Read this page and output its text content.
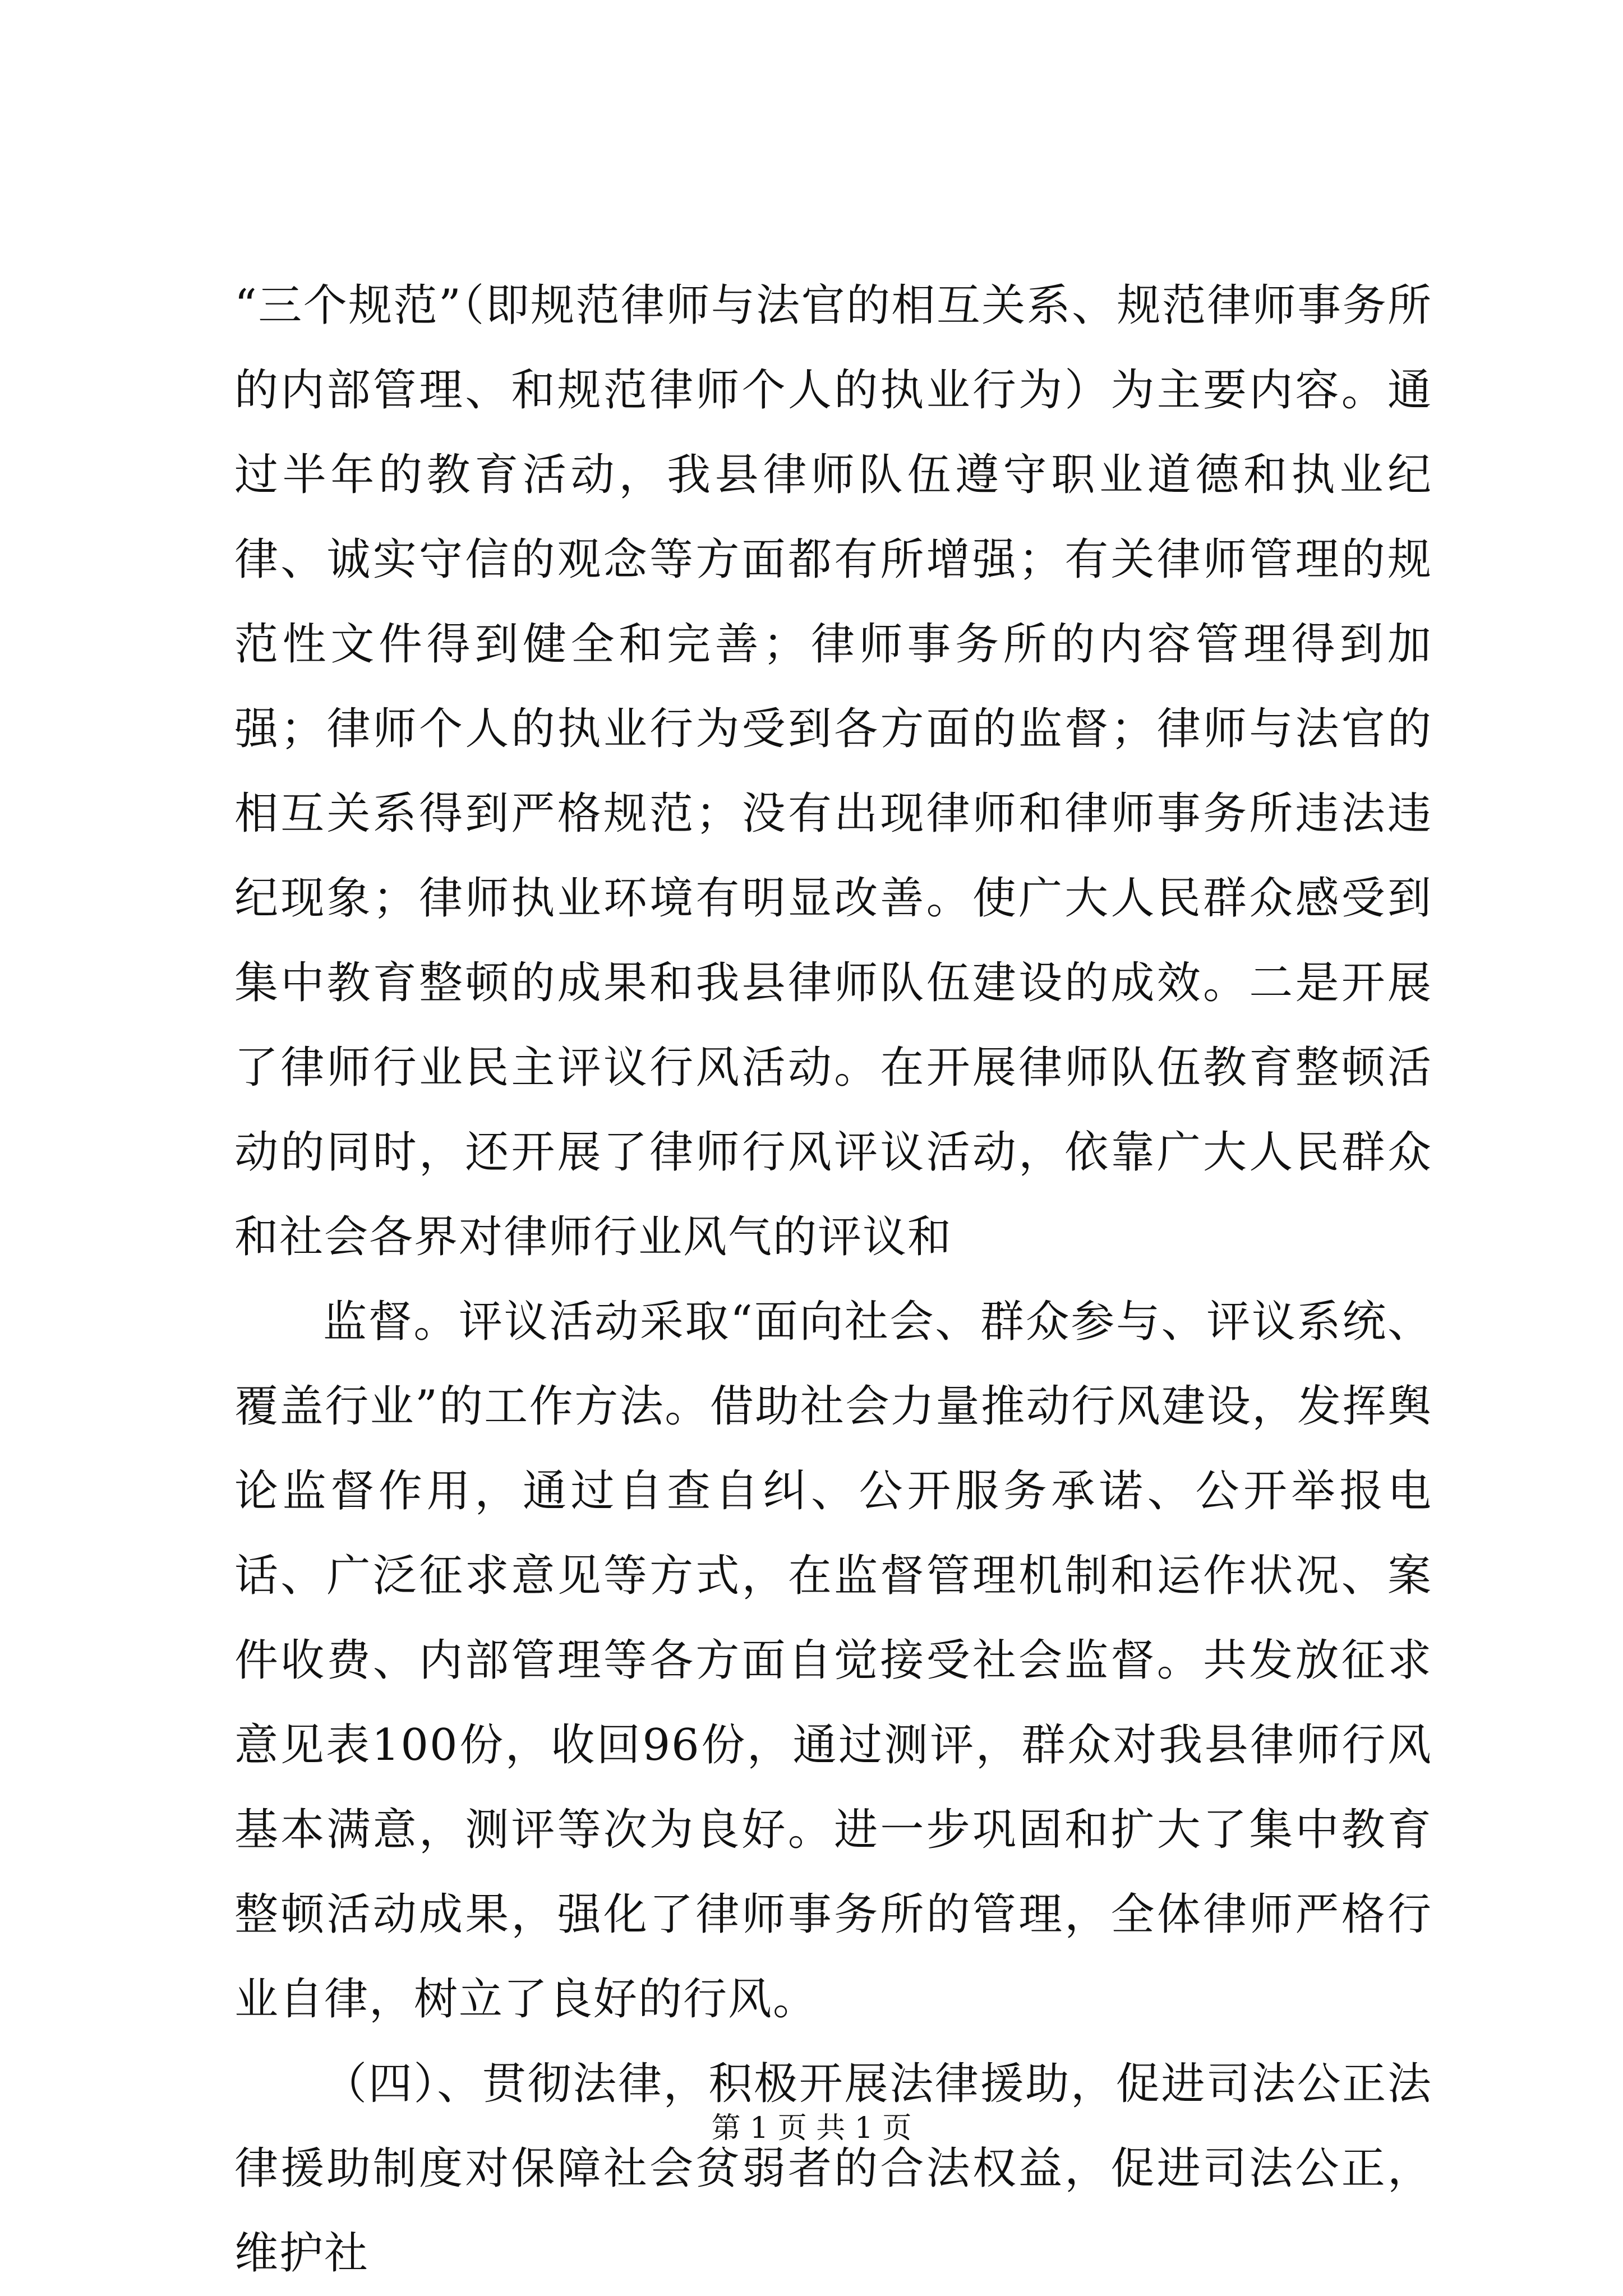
“三个规范”（即规范律师与法官的相互关系、规范律师事务所的内部管理、和规范律师个人的执业行为）为主要内容。通过半年的教育活动，我县律师队伍遵守职业道德和执业纪律、诚实守信的观念等方面都有所增强；有关律师管理的规范性文件得到健全和完善；律师事务所的内容管理得到加强；律师个人的执业行为受到各方面的监督；律师与法官的相互关系得到严格规范；没有出现律师和律师事务所违法违纪现象；律师执业环境有明显改善。使广大人民群众感受到集中教育整顿的成果和我县律师队伍建设的成效。二是开展了律师行业民主评议行风活动。在开展律师队伍教育整顿活动的同时，还开展了律师行风评议活动，依靠广大人民群众和社会各界对律师行业风气的评议和

监督。评议活动采取“面向社会、群众参与、评议系统、覆盖行业”的工作方法。借助社会力量推动行风建设，发挥舆论监督作用，通过自查自纠、公开服务承诺、公开举报电话、广泛征求意见等方式，在监督管理机制和运作状况、案件收费、内部管理等各方面自觉接受社会监督。共发放征求意见表100份，收回96份，通过测评，群众对我县律师行风基本满意，测评等次为良好。进一步巩固和扩大了集中教育整顿活动成果，强化了律师事务所的管理，全体律师严格行业自律，树立了良好的行风。

（四）、贯彻法律，积极开展法律援助，促进司法公正法律援助制度对保障社会贫弱者的合法权益，促进司法公正，维护社

第 1 页 共 1 页
